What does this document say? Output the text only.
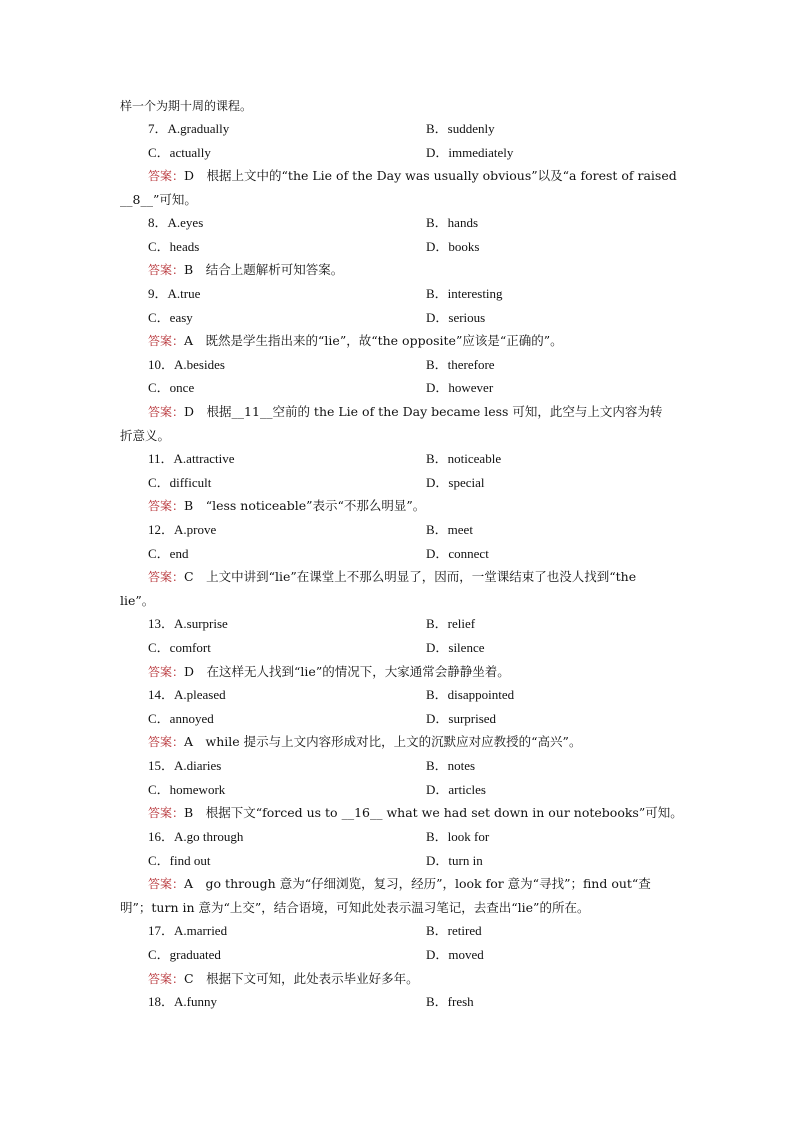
样一个为期十周的课程。
7．A.gradually	B．suddenly
C．actually	D．immediately
答案：D　根据上文中的“the Lie of the Day was usually obvious”以及“a forest of raised
__8__”可知。
8．A.eyes	B．hands
C．heads	D．books
答案：B　结合上题解析可知答案。
9．A.true	B．interesting
C．easy	D．serious
答案：A　既然是学生指出来的“lie”，故“the opposite”应该是“正确的”。
10．A.besides	B．therefore
C．once	D．however
答案：D　根据__11__空前的 the Lie of the Day became less 可知，此空与上文内容为转
折意义。
11．A.attractive	B．noticeable
C．difficult	D．special
答案：B　“less noticeable”表示“不那么明显”。
12．A.prove	B．meet
C．end	D．connect
答案：C　上文中讲到“lie”在课堂上不那么明显了，因而，一堂课结束了也没人找到“the
lie”。
13．A.surprise	B．relief
C．comfort	D．silence
答案：D　在这样无人找到“lie”的情况下，大家通常会静静坐着。
14．A.pleased	B．disappointed
C．annoyed	D．surprised
答案：A　while 提示与上文内容形成对比，上文的沉默应对应教授的“高兴”。
15．A.diaries	B．notes
C．homework	D．articles
答案：B　根据下文“forced us to __16__ what we had set down in our notebooks”可知。
16．A.go through	B．look for
C．find out	D．turn in
答案：A　go through 意为“仔细浏览，复习，经历”，look for 意为“寻找”；find out“查
明”；turn in 意为“上交”，结合语境，可知此处表示温习笔记，去查出“lie”的所在。
17．A.married	B．retired
C．graduated	D．moved
答案：C　根据下文可知，此处表示毕业好多年。
18．A.funny	B．fresh
